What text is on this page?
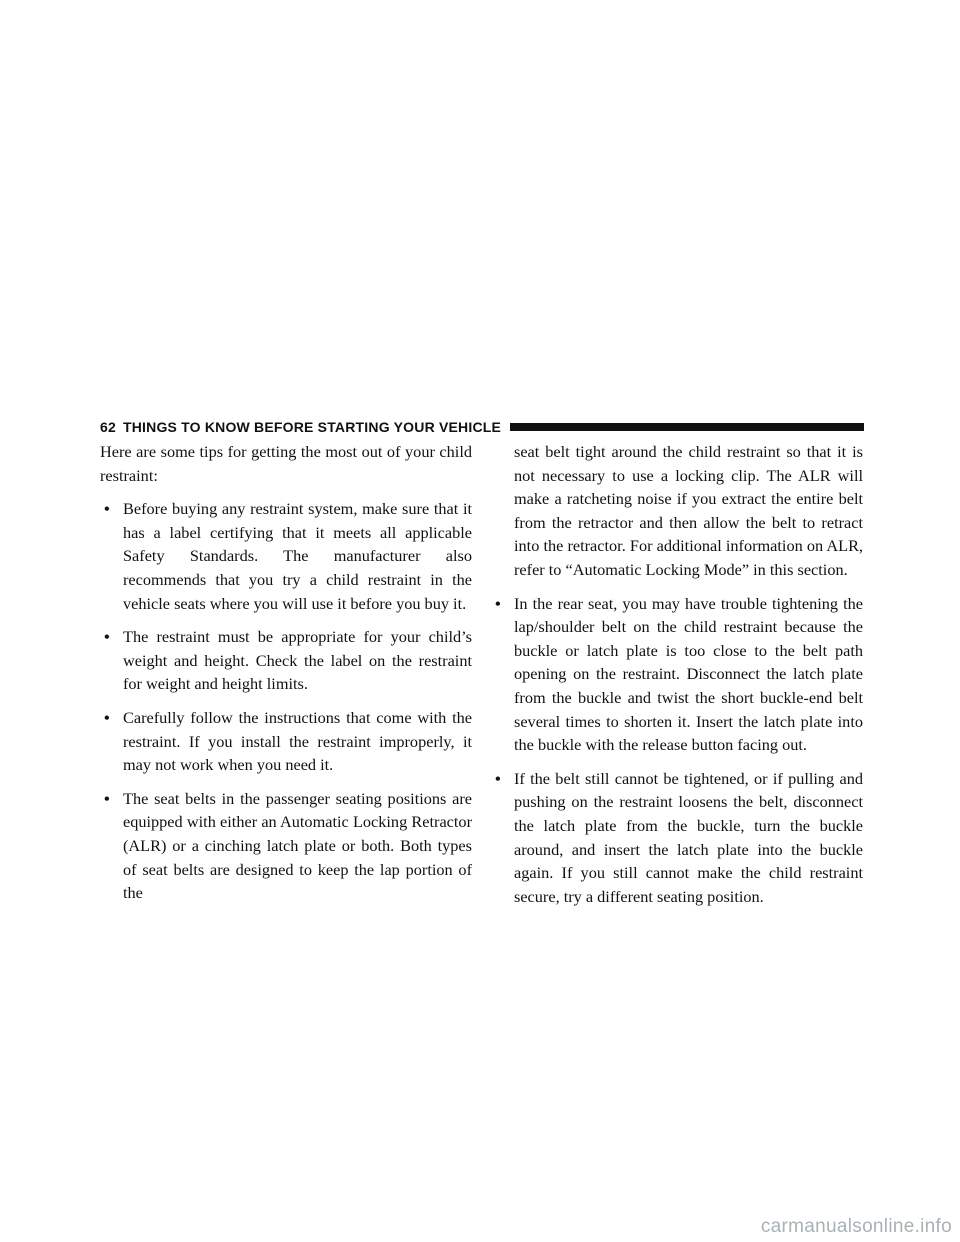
62 THINGS TO KNOW BEFORE STARTING YOUR VEHICLE

Here are some tips for getting the most out of your child restraint:

• Before buying any restraint system, make sure that it has a label certifying that it meets all applicable Safety Standards. The manufacturer also recommends that you try a child restraint in the vehicle seats where you will use it before you buy it.
• The restraint must be appropriate for your child’s weight and height. Check the label on the restraint for weight and height limits.
• Carefully follow the instructions that come with the restraint. If you install the restraint improperly, it may not work when you need it.
• The seat belts in the passenger seating positions are equipped with either an Automatic Locking Retractor (ALR) or a cinching latch plate or both. Both types of seat belts are designed to keep the lap portion of the

seat belt tight around the child restraint so that it is not necessary to use a locking clip. The ALR will make a ratcheting noise if you extract the entire belt from the retractor and then allow the belt to retract into the retractor. For additional information on ALR, refer to “Automatic Locking Mode” in this section.

• In the rear seat, you may have trouble tightening the lap/shoulder belt on the child restraint because the buckle or latch plate is too close to the belt path opening on the restraint. Disconnect the latch plate from the buckle and twist the short buckle-end belt several times to shorten it. Insert the latch plate into the buckle with the release button facing out.
• If the belt still cannot be tightened, or if pulling and pushing on the restraint loosens the belt, disconnect the latch plate from the buckle, turn the buckle around, and insert the latch plate into the buckle again. If you still cannot make the child restraint secure, try a different seating position.
carmanualsonline.info
